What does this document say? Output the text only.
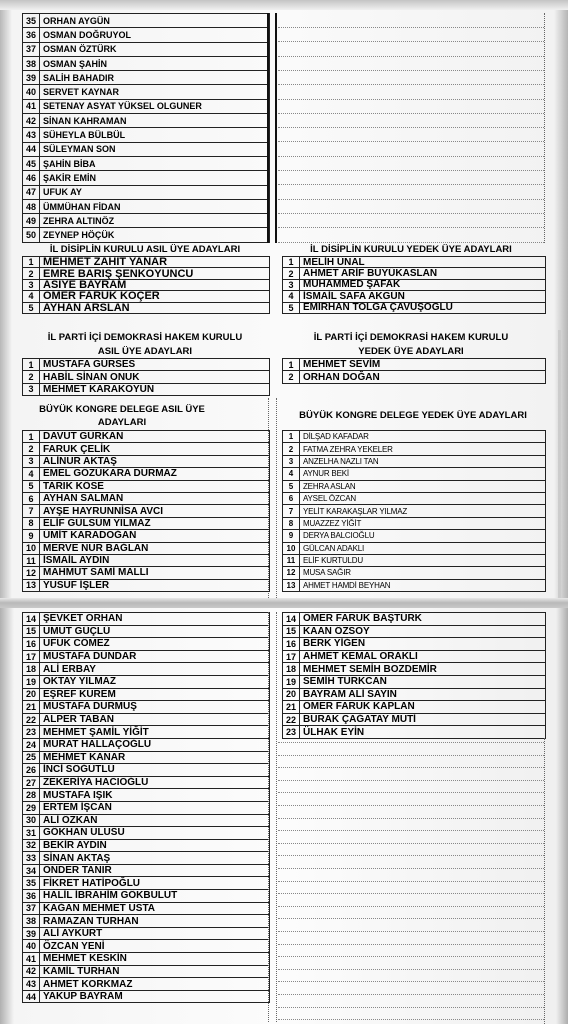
35 ORHAN AYGÜN
36 OSMAN DOĞRUYOL
37 OSMAN ÖZTÜRK
38 OSMAN ŞAHİN
39 SALİH BAHADIR
40 SERVET KAYNAR
41 SETENAY ASYAT YÜKSEL OLGUNER
42 SİNAN KAHRAMAN
43 SÜHEYLA BÜLBÜL
44 SÜLEYMAN SON
45 ŞAHİN BİBA
46 ŞAKİR EMİN
47 UFUK AY
48 ÜMMÜHAN FİDAN
49 ZEHRA ALTINÖZ
50 ZEYNEP HÖÇÜK
İL DİSİPLİN KURULU ASIL ÜYE ADAYLARI	İL DİSİPLİN KURULU YEDEK ÜYE ADAYLARI
1 MEHMET ZAHİT YANAR
2 EMRE BARIŞ ŞENKOYUNCU
3 ASİYE BAYRAM
4 ÖMER FARUK KOÇER
5 AYHAN ARSLAN
1 MELİH ÜNAL
2 AHMET ARİF BÜYÜKASLAN
3 MUHAMMED ŞAFAK
4 İSMAİL SAFA AKGÜN
5 EMİRHAN TOLGA ÇAVUŞOĞLU
İL PARTİ İÇİ DEMOKRASİ HAKEM KURULU
ASIL ÜYE ADAYLARI
İL PARTİ İÇİ DEMOKRASİ HAKEM KURULU
YEDEK ÜYE ADAYLARI
1 MUSTAFA GÜRSES
2 HABİL SİNAN ONUK
3 MEHMET KARAKOYUN
1 MEHMET SEVİM
2 ORHAN DOĞAN
BÜYÜK KONGRE DELEGE ASIL ÜYE ADAYLARI
BÜYÜK KONGRE DELEGE YEDEK ÜYE ADAYLARI
1 DAVUT GÜRKAN
2 FARUK ÇELİK
3 ALİNUR AKTAŞ
4 EMEL GÖZÜKARA DURMAZ
5 TARIK KÖSE
6 AYHAN SALMAN
7 AYŞE HAYRUNNİSA AVCI
8 ELİF GÜLSÜM YILMAZ
9 ÜMİT KARADOĞAN
10 MERVE NUR BAĞLAN
11 İSMAİL AYDIN
12 MAHMUT SAMİ MALLI
13 YUSUF İŞLER
1	DİLŞAD KAFADAR
2	FATMA ZEHRA YEKELER
3	ANZELHA NAZLI TAN
4	AYNUR BEKİ
5	ZEHRA ASLAN
6	AYSEL ÖZCAN
7	YELİT KARAKAŞLAR YILMAZ
8	MUAZZEZ YİĞİT
9	DERYA BALCIOĞLU
10 GÜLCAN ADAKLI
11 ELİF KURTULDU
12 MUSA SAĞIR
13 AHMET HAMDİ BEYHAN
14 ŞEVKET ORHAN
15 UMUT GÜÇLÜ
16 UFUK CÖMEZ
17 MUSTAFA DÜNDAR
18 ALİ ERBAY
19 OKTAY YILMAZ
20 EŞREF KUREM
21 MUSTAFA DURMUŞ
22 ALPER TABAN
23 MEHMET ŞAMİL YİĞİT
24 MURAT HALLAÇOĞLU
25 MEHMET KANAR
26 İNCİ SÖĞÜTLÜ
27 ZEKERİYA HACIOĞLU
28 MUSTAFA IŞIK
29 ERTEM İŞCAN
30 ALİ ÖZKAN
31 GÖKHAN ULUSU
32 BEKİR AYDIN
33 SİNAN AKTAŞ
34 ÖNDER TANIR
35 FİKRET HATİPOĞLU
36 HALİL İBRAHİM GÖKBULUT
37 KAĞAN MEHMET USTA
38 RAMAZAN TURHAN
39 ALİ AYKURT
40 ÖZCAN YENİ
41 MEHMET KESKİN
42 KAMİL TURHAN
43 AHMET KORKMAZ
44 YAKUP BAYRAM
14 ÖMER FARUK BAŞTÜRK
15 KAAN ÖZSOY
16 BERK YİĞEN
17 AHMET KEMAL ORAKLI
18 MEHMET SEMİH BOZDEMİR
19 SEMİH TÜRKCAN
20 BAYRAM ALİ SAYIN
21 ÖMER FARUK KAPLAN
22 BURAK ÇAĞATAY MUTİ
23 ÜLHAK EYİN
